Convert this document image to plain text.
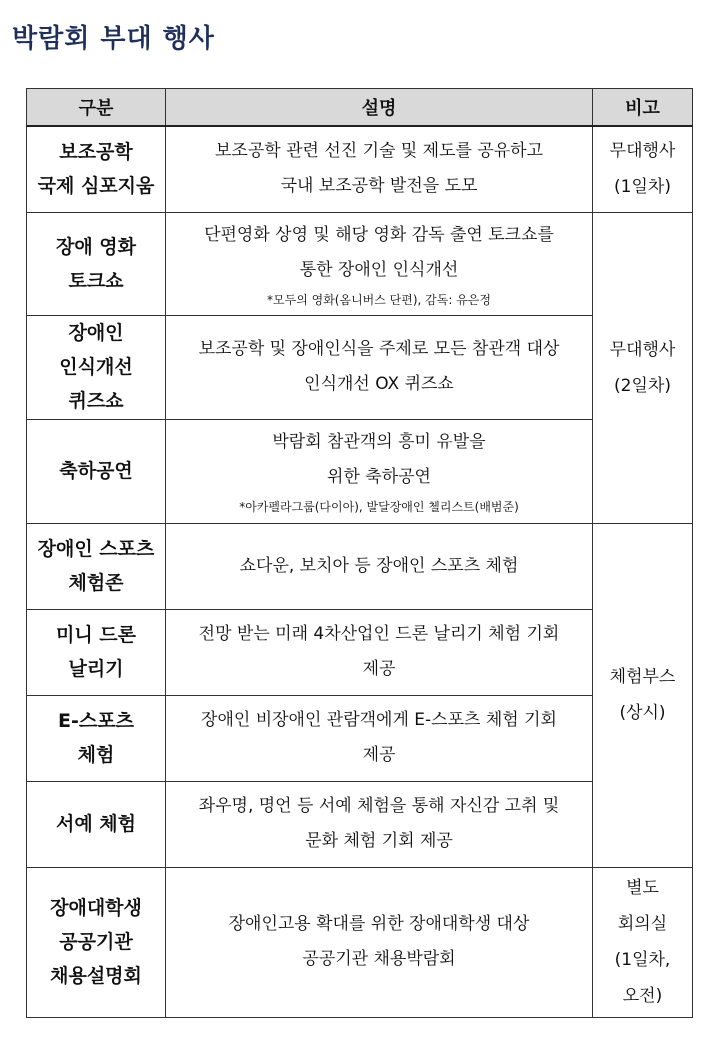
박람회 부대 행사
구분	설명	비고

보조공학
국제 심포지움	보조공학 관련 선진 기술 및 제도를 공유하고
국내 보조공학 발전을 도모	무대행사
(1일차)

장애 영화
토크쇼	단편영화 상영 및 해당 영화 감독 출연 토크쇼를
통한 장애인 인식개선
*모두의 영화(옴니버스 단편), 감독: 유은정	무대행사
(2일차)

장애인
인식개선
퀴즈쇼	보조공학 및 장애인식을 주제로 모든 참관객 대상
인식개선 OX 퀴즈쇼	

축하공연	박람회 참관객의 흥미 유발을
위한 축하공연
*아카펠라그룹(다이아), 발달장애인 첼리스트(배범준)	

장애인 스포츠
체험존	쇼다운, 보치아 등 장애인 스포츠 체험	체험부스
(상시)

미니 드론
날리기	전망 받는 미래 4차산업인 드론 날리기 체험 기회
제공	

E-스포츠
체험	장애인 비장애인 관람객에게 E-스포츠 체험 기회
제공	

서예 체험	좌우명, 명언 등 서예 체험을 통해 자신감 고취 및
문화 체험 기회 제공	

장애대학생
공공기관
채용설명회	장애인고용 확대를 위한 장애대학생 대상
공공기관 채용박람회	별도
회의실
(1일차,
오전)
